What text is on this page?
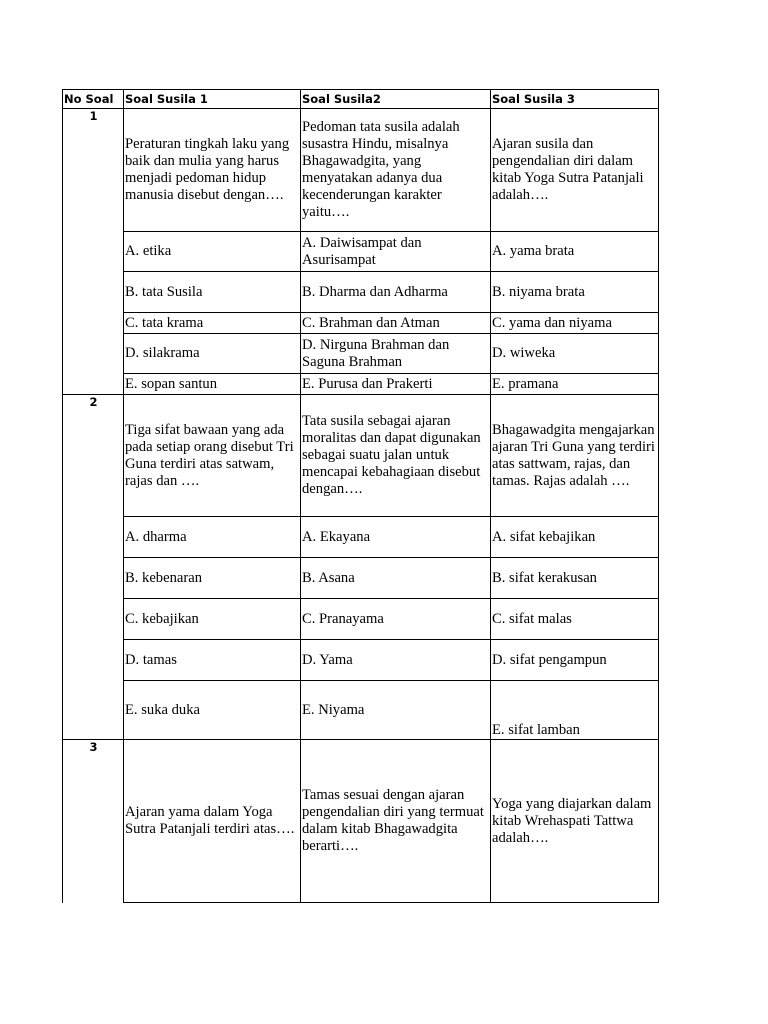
No Soal	Soal Susila 1	Soal Susila2	Soal Susila 3
1	Peraturan tingkah laku yang baik dan mulia yang harus menjadi pedoman hidup manusia disebut dengan….	Pedoman tata susila adalah susastra Hindu, misalnya Bhagawadgita, yang menyatakan adanya dua kecenderungan karakter yaitu….	Ajaran susila dan pengendalian diri dalam kitab Yoga Sutra Patanjali adalah….
	A. etika	A. Daiwisampat dan Asurisampat	A. yama brata
	B. tata Susila	B. Dharma dan Adharma	B. niyama brata
	C. tata krama	C. Brahman dan Atman	C. yama dan niyama
	D. silakrama	D. Nirguna Brahman dan Saguna Brahman	D. wiweka
	E. sopan santun	E. Purusa dan Prakerti	E. pramana
2	Tiga sifat bawaan yang ada pada setiap orang disebut Tri Guna terdiri atas satwam, rajas dan ….	Tata susila sebagai ajaran moralitas dan dapat digunakan sebagai suatu jalan untuk mencapai kebahagiaan disebut dengan….	Bhagawadgita mengajarkan ajaran Tri Guna yang terdiri atas sattwam, rajas, dan tamas. Rajas adalah ….
	A. dharma	A. Ekayana	A. sifat kebajikan
	B. kebenaran	B. Asana	B. sifat kerakusan
	C. kebajikan	C. Pranayama	C. sifat malas
	D. tamas	D. Yama	D. sifat pengampun
	E. suka duka	E. Niyama	E. sifat lamban
3	Ajaran yama dalam Yoga Sutra Patanjali terdiri atas….	Tamas sesuai dengan ajaran pengendalian diri yang termuat dalam kitab Bhagawadgita berarti….	Yoga yang diajarkan dalam kitab Wrehaspati Tattwa adalah….
